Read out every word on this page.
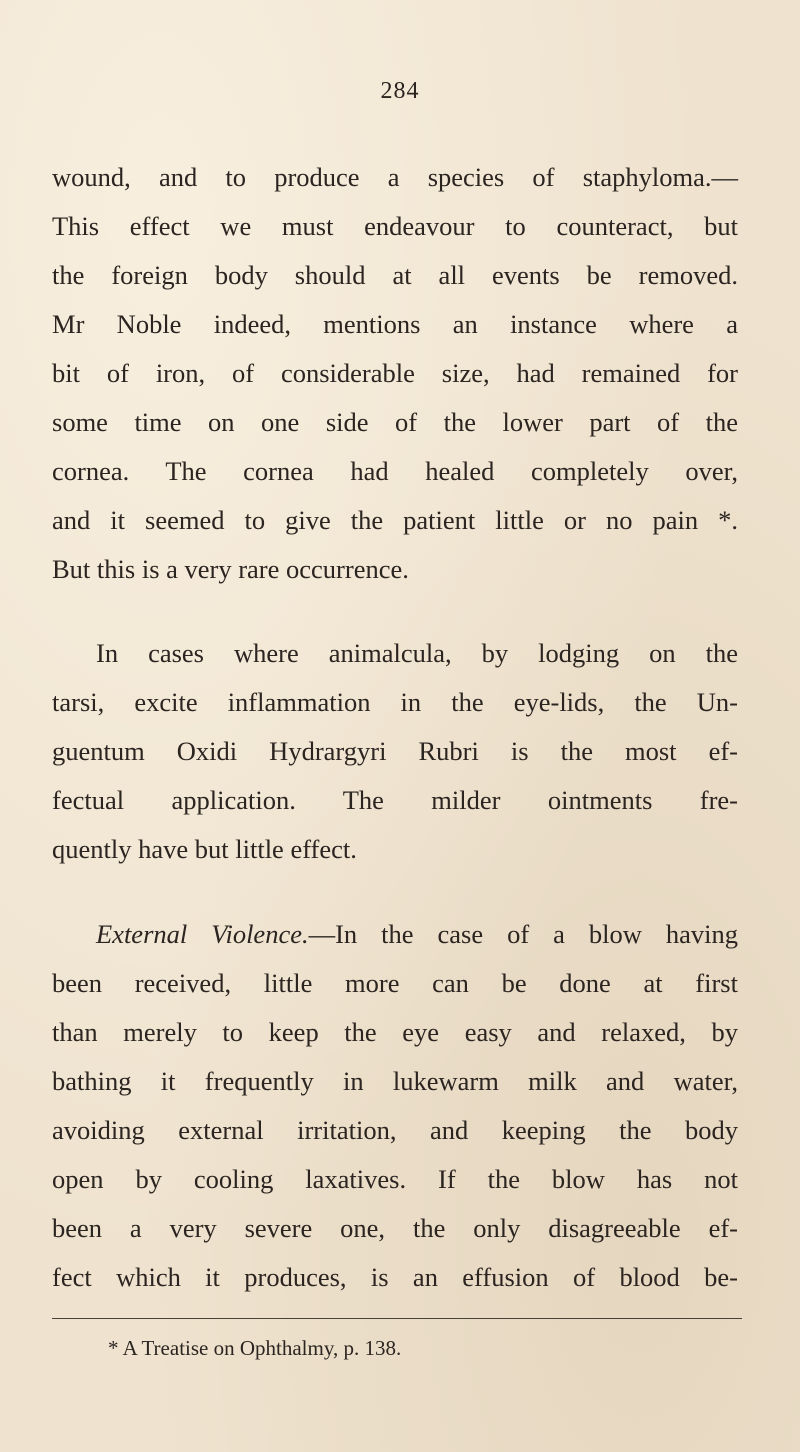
284
wound, and to produce a species of staphyloma.—
This effect we must endeavour to counteract, but
the foreign body should at all events be removed.
Mr Noble indeed, mentions an instance where a
bit of iron, of considerable size, had remained for
some time on one side of the lower part of the
cornea. The cornea had healed completely over,
and it seemed to give the patient little or no pain *.
But this is a very rare occurrence.
In cases where animalcula, by lodging on the
tarsi, excite inflammation in the eye-lids, the Un-
guentum Oxidi Hydrargyri Rubri is the most ef-
fectual application. The milder ointments fre-
quently have but little effect.
External Violence.—In the case of a blow having
been received, little more can be done at first
than merely to keep the eye easy and relaxed, by
bathing it frequently in lukewarm milk and water,
avoiding external irritation, and keeping the body
open by cooling laxatives. If the blow has not
been a very severe one, the only disagreeable ef-
fect which it produces, is an effusion of blood be-
* A Treatise on Ophthalmy, p. 138.
